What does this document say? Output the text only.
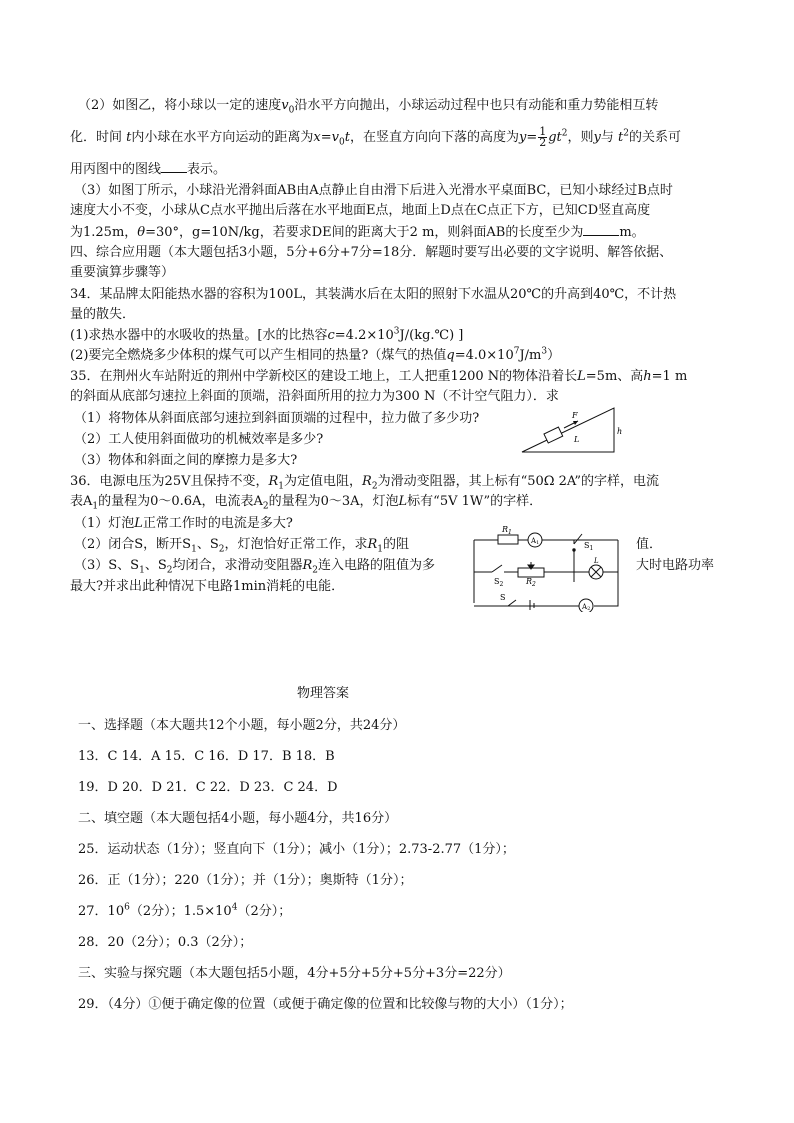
（2）如图乙，将小球以一定的速度$v_0$沿水平方向抛出，小球运动过程中也只有动能和重力势能相互转
化．时间 t内小球在水平方向运动的距离为$x=v_0t$，在竖直方向向下落的高度为$y= \frac{1}{2} gt^2$，则y与 $t^2$的关系可
用丙图中的图线 表示。
（3）如图丁所示，小球沿光滑斜面AB由A点静止自由滑下后进入光滑水平桌面BC，已知小球经过B点时
速度大小不变，小球从C点水平抛出后落在水平地面E点，地面上D点在C点正下方，已知CD竖直高度
为1.25m，θ=30°，g=10N/kg，若要求DE间的距离大于2 m，则斜面AB的长度至少为	m。
四、综合应用题（本大题包括3小题，5分+6分+7分=18分．解题时要写出必要的文字说明、解答依据、
重要演算步骤等）
34．某品牌太阳能热水器的容积为100L，其装满水后在太阳的照射下水温从20℃的升高到40℃，不计热
量的散失．
(1)求热水器中的水吸收的热量。[水的比热容$c=4.2\times 10^3J/(kg.℃)$ ]
(2)要完全燃烧多少体积的煤气可以产生相同的热量?（煤气的热值$q=4.0\times 10^7J/m^3$）
35．在荆州火车站附近的荆州中学新校区的建设工地上，工人把重1200 N的物体沿着长L=5m、高h=1 m
的斜面从底部匀速拉上斜面的顶端，沿斜面所用的拉力为300 N（不计空气阻力）．求
（1）将物体从斜面底部匀速拉到斜面顶端的过程中，拉力做了多少功?
（2）工人使用斜面做功的机械效率是多少?
（3）物体和斜面之间的摩擦力是多大?
F
L
h
36．电源电压为25V且保持不变，$R_1$为定值电阻，$R_2$为滑动变阻器，其上标有“50Ω 2A”的字样，电流
表$A_1$的量程为0～0.6A，电流表$A_2$的量程为0～3A，灯泡L标有“5V 1W”的字样．
（1）灯泡L正常工作时的电流是多大?
（2）闭合S，断开$S_1$、$S_2$，灯泡恰好正常工作，求$R_1$的阻	值．
（3）S、$S_1$、$S_2$均闭合，求滑动变阻器$R_2$连入电路的阻值为多	大时电路功率
最大?并求出此种情况下电路1min消耗的电能．
$R_1$
A1	$S_1$
L
$S_2$	$R_2$
S
A2
物理答案
一、选择题（本大题共12个小题，每小题2分，共24分）
13．C 14．A 15．C 16．D 17．B 18．B
19．D 20．D 21．C 22．D 23．C 24．D
二、填空题（本大题包括4小题，每小题4分，共16分）
25．运动状态（1分）；竖直向下（1分）；减小（1分）；2.73-2.77（1分）；
26．正（1分）；220（1分）；并（1分）；奥斯特（1分）；
27．$10^6(2$分）；$1.5\times 10^4(2$分）；
28．20（2分）；0.3（2分）；
三、实验与探究题（本大题包括5小题，4分+5分+5分+5分+3分=22分）
29．（4分）①便于确定像的位置（或便于确定像的位置和比较像与物的大小）（1分）；
